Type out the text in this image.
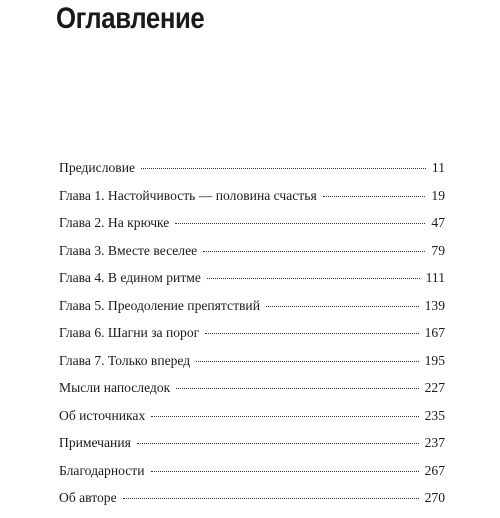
Оглавление
Предисловие	11
Глава 1. Настойчивость — половина счастья	19
Глава 2. На крючке	47
Глава 3. Вместе веселее	79
Глава 4. В едином ритме	111
Глава 5. Преодоление препятствий	139
Глава 6. Шагни за порог	167
Глава 7. Только вперед	195
Мысли напоследок	227
Об источниках	235
Примечания	237
Благодарности	267
Об авторе	270
